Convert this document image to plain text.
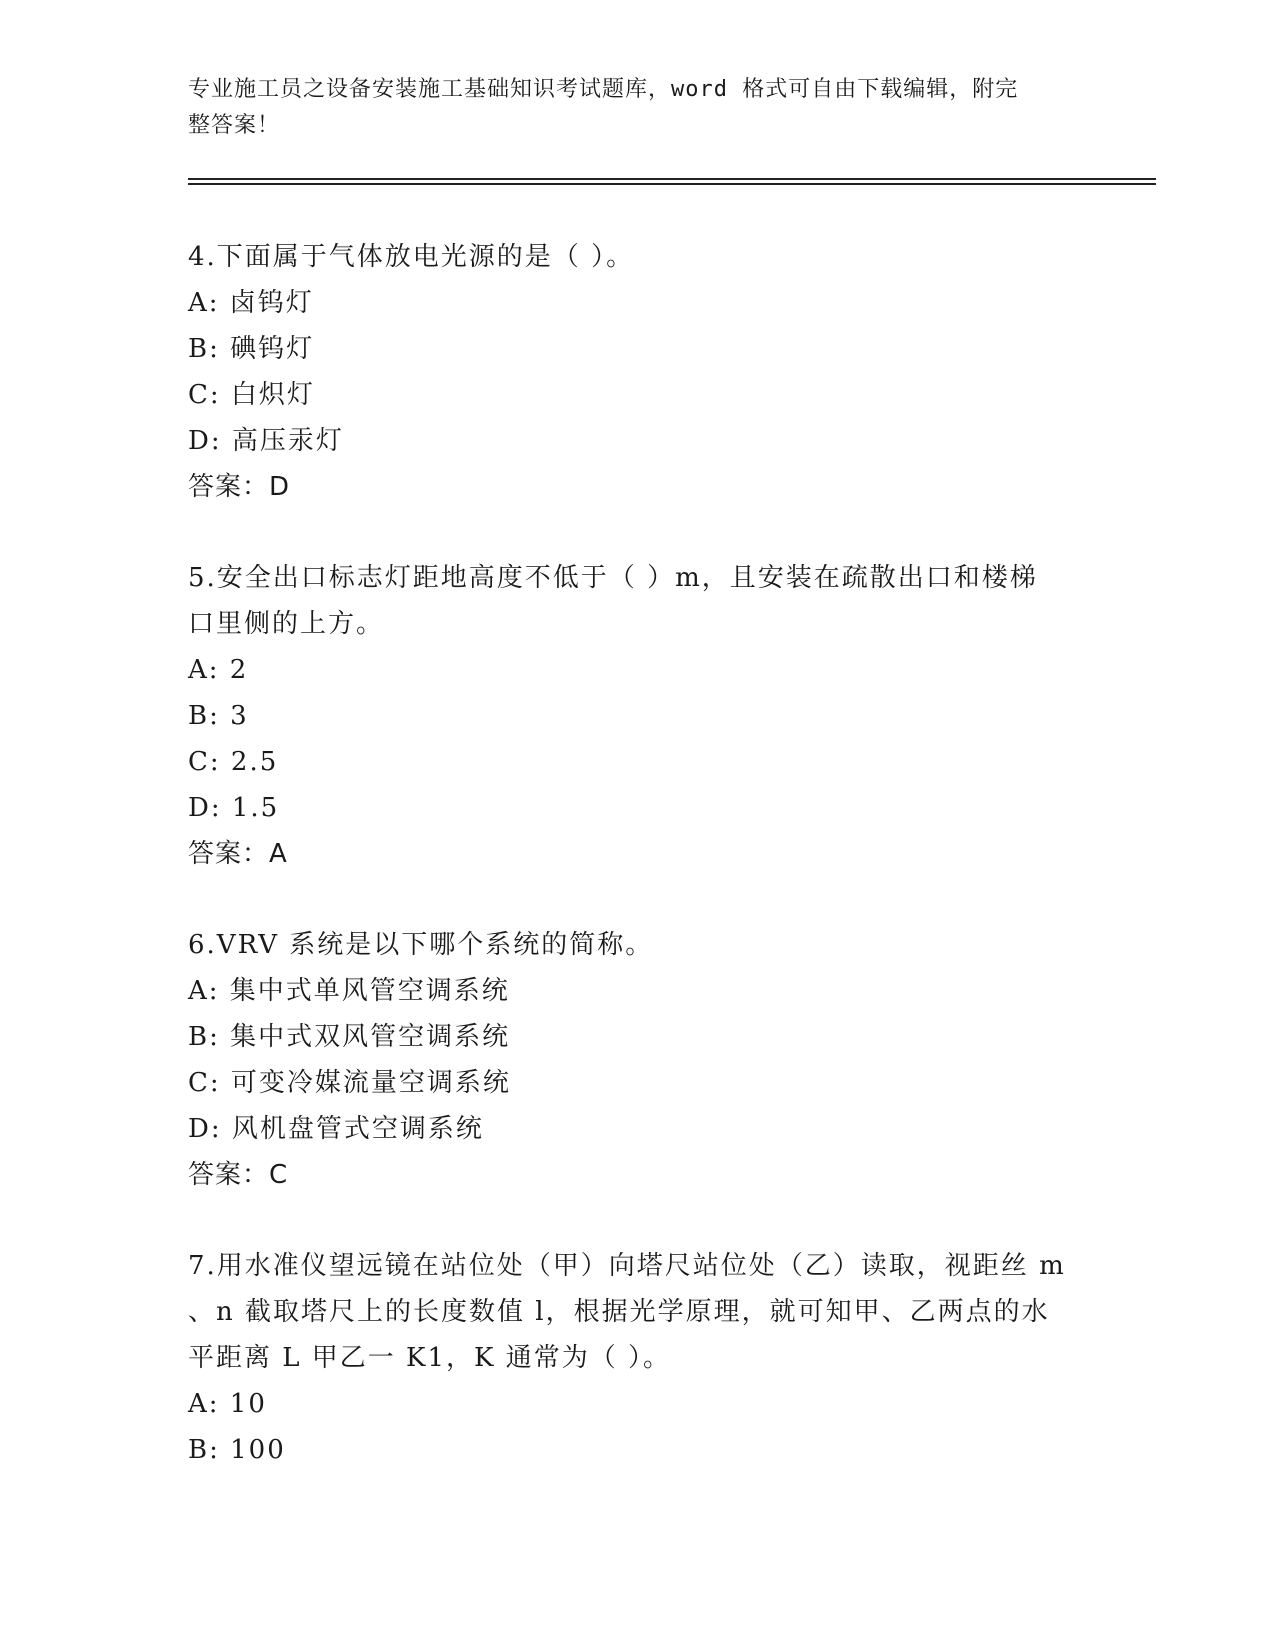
专业施工员之设备安装施工基础知识考试题库，word 格式可自由下载编辑，附完
整答案！

4.下面属于气体放电光源的是（ ）。

A: 卤钨灯

B: 碘钨灯

C: 白炽灯

D: 高压汞灯

答案：D

5.安全出口标志灯距地高度不低于（ ）m，且安装在疏散出口和楼梯

口里侧的上方。

A: 2

B: 3

C: 2.5

D: 1.5

答案：A

6.VRV 系统是以下哪个系统的简称。

A: 集中式单风管空调系统

B: 集中式双风管空调系统

C: 可变冷媒流量空调系统

D: 风机盘管式空调系统

答案：C

7.用水准仪望远镜在站位处（甲）向塔尺站位处（乙）读取，视距丝 m

、n 截取塔尺上的长度数值 l，根据光学原理，就可知甲、乙两点的水

平距离 L 甲乙一 K1，K 通常为（ ）。

A: 10

B: 100
